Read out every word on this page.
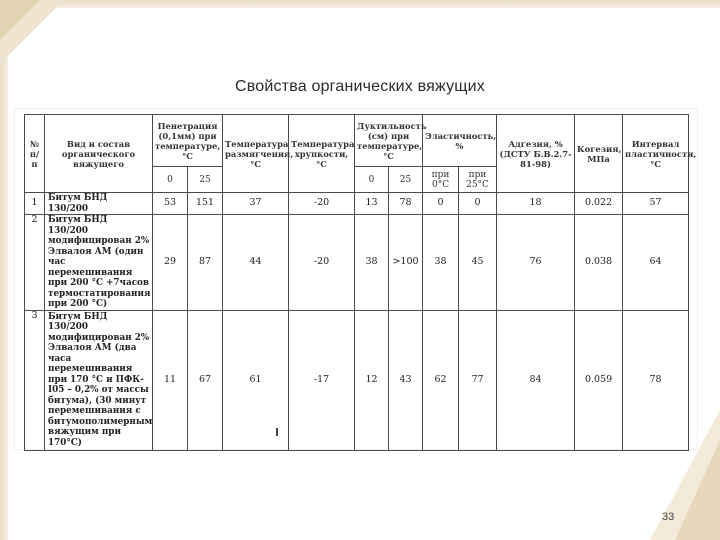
Свойства органических вяжущих
№ п/п	Вид и состав органического вяжущего	Пенетрация (0,1мм) при температуре, °С		Температура размягчения, °С	Температура хрупкости, °С	Дуктильность (см) при температуре,°С		Эластичность, %		Адгезия, % (ДСТУ Б.В.2.7-81-98)	Когезия, МПа	Интервал пластичности, °С
		0	25			0	25	при 0°С	при 25°С			
1	Битум БНД 130/200	53	151	37	-20	13	78	0	0	18	0.022	57
2	Битум БНД 130/200 модифицирован 2% Элвалоя АМ (один час перемешивания при 200 °С +7часов термостатирования при 200 °С)	29	87	44	-20	38	>100	38	45	76	0.038	64
3	Битум БНД 130/200 модифицирован 2% Элвалоя АМ (два часа перемешивания при 170 °С и ПФК-І05 – 0,2% от массы битума), (30 минут перемешивания с битумополимерным вяжущим при 170°С)	11	67	61	-17	12	43	62	77	84	0.059	78
33
